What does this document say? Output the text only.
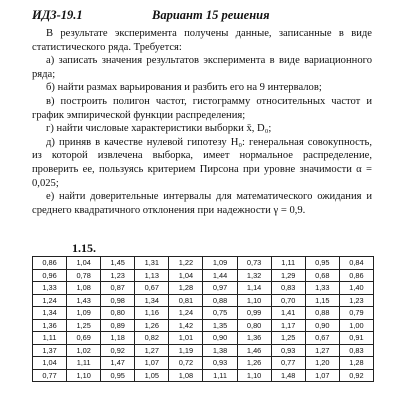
ИДЗ-19.1	Вариант 15 решения

В результате эксперимента получены данные, записанные в виде статистического ряда. Требуется:

а) записать значения результатов эксперимента в виде вариационного ряда;

б) найти размах варьирования и разбить его на 9 интервалов;

в) построить полигон частот, гистограмму относительных частот и график эмпирической функции распределения;

г) найти числовые характеристики выборки x̄, D₀;

д) приняв в качестве нулевой гипотезу H₀: генеральная совокупность, из которой извлечена выборка, имеет нормальное распределение, проверить ее, пользуясь критерием Пирсона при уровне значимости α = 0,025;

е) найти доверительные интервалы для математического ожидания и среднего квадратичного отклонения при надежности γ = 0,9.

1.15.
0,86	1,04	1,45	1,31	1,22	1,09	0,73	1,11	0,95	0,84
0,96	0,78	1,23	1,13	1,04	1,44	1,32	1,29	0,68	0,86
1,33	1,08	0,87	0,67	1,28	0,97	1,14	0,83	1,33	1,40
1,24	1,43	0,98	1,34	0,81	0,88	1,10	0,70	1,15	1,23
1,34	1,09	0,80	1,16	1,24	0,75	0,99	1,41	0,88	0,79
1,36	1,25	0,89	1,26	1,42	1,35	0,80	1,17	0,90	1,00
1,11	0,69	1,18	0,82	1,01	0,90	1,36	1,25	0,67	0,91
1,37	1,02	0,92	1,27	1,19	1,38	1,46	0,93	1,27	0,83
1,04	1,11	1,47	1,07	0,72	0,93	1,26	0,77	1,20	1,28
0,77	1,10	0,95	1,05	1,08	1,11	1,10	1,48	1,07	0,92
